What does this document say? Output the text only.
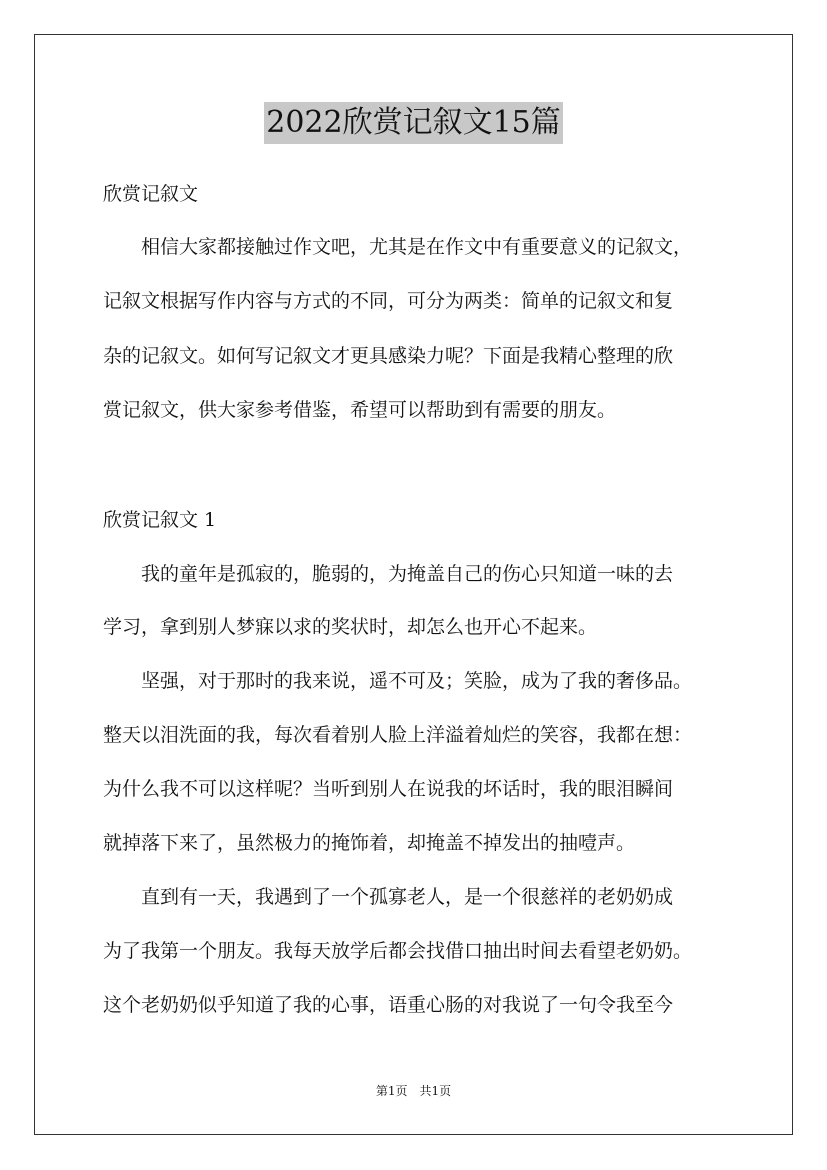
2022欣赏记叙文15篇
欣赏记叙文
　　相信大家都接触过作文吧，尤其是在作文中有重要意义的记叙文，
记叙文根据写作内容与方式的不同，可分为两类：简单的记叙文和复
杂的记叙文。如何写记叙文才更具感染力呢？下面是我精心整理的欣
赏记叙文，供大家参考借鉴，希望可以帮助到有需要的朋友。
欣赏记叙文 1
　　我的童年是孤寂的，脆弱的，为掩盖自己的伤心只知道一味的去
学习，拿到别人梦寐以求的奖状时，却怎么也开心不起来。
　　坚强，对于那时的我来说，遥不可及；笑脸，成为了我的奢侈品。
整天以泪洗面的我，每次看着别人脸上洋溢着灿烂的笑容，我都在想：
为什么我不可以这样呢？当听到别人在说我的坏话时，我的眼泪瞬间
就掉落下来了，虽然极力的掩饰着，却掩盖不掉发出的抽噎声。
　　直到有一天，我遇到了一个孤寡老人，是一个很慈祥的老奶奶成
为了我第一个朋友。我每天放学后都会找借口抽出时间去看望老奶奶。
这个老奶奶似乎知道了我的心事，语重心肠的对我说了一句令我至今
第1页　共1页
